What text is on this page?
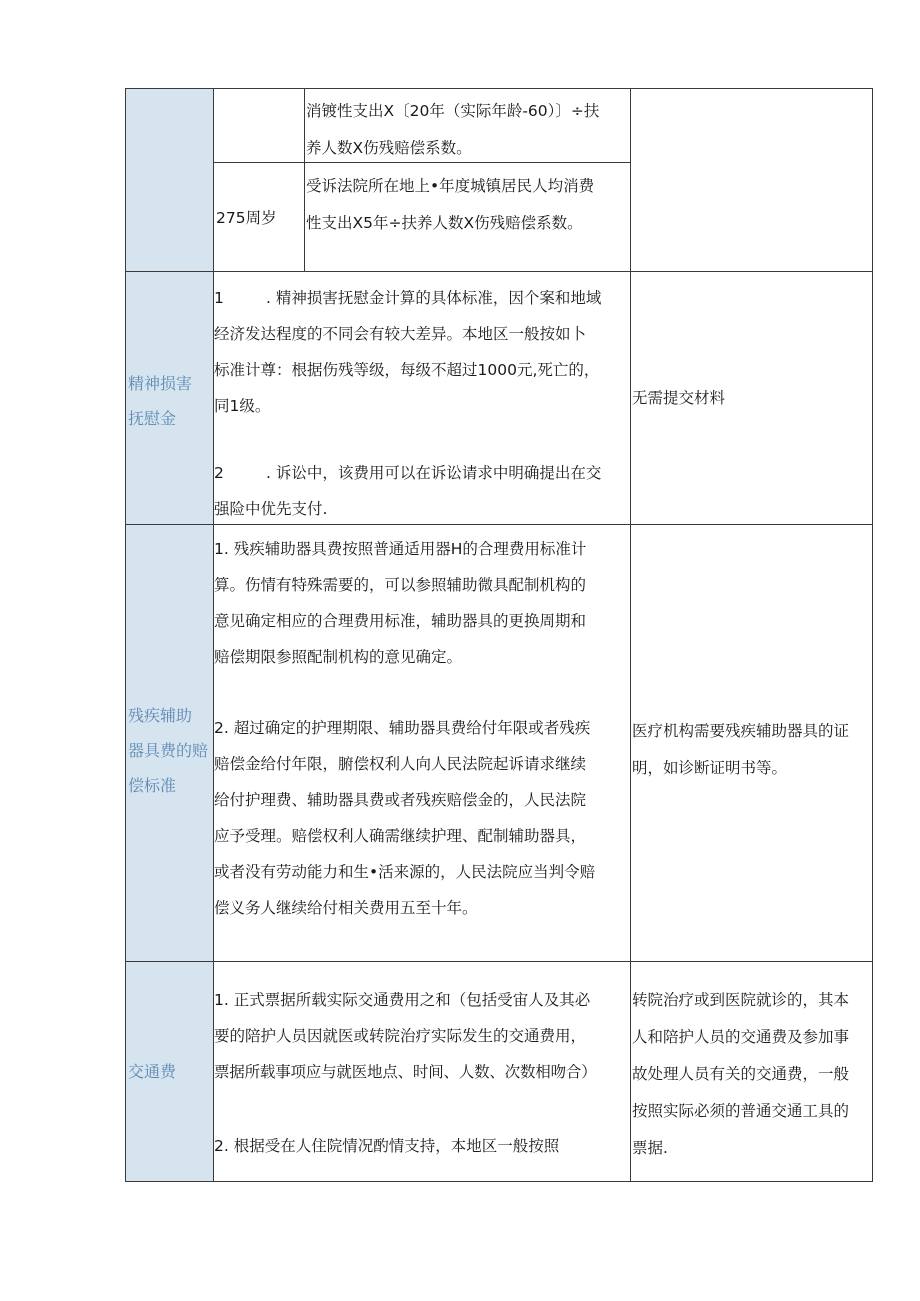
消镀性支出X〔20年（实际年龄-60）〕÷扶
养人数X伤残赔偿系数。
275周岁
受诉法院所在地上•年度城镇居民人均消费
性支出X5年÷扶养人数X伤残赔偿系数。
精神损害
抚慰金
1	. 精神损害抚慰金计算的具体标准，因个案和地域
经济发达程度的不同会有较大差异。本地区一般按如卜
标准计尊：根据伤残等级，每级不超过1000元,死亡的，
同1级。
2	. 诉讼中，该费用可以在诉讼请求中明确提出在交
强险中优先支付.
无需提交材料
残疾辅助
器具费的赔
偿标准
1. 残疾辅助器具费按照普通适用器H的合理费用标准计
算。伤情有特殊需要的，可以参照辅助微具配制机构的
意见确定相应的合理费用标准，辅助器具的更换周期和
赔偿期限参照配制机构的意见确定。
2. 超过确定的护理期限、辅助器具费给付年限或者残疾
赔偿金给付年限，腑偿权利人向人民法院起诉请求继续
给付护理费、辅助器具费或者残疾赔偿金的，人民法院
应予受理。赔偿权利人确需继续护理、配制辅助器具，
或者没有劳动能力和生•活来源的，人民法院应当判令赔
偿义务人继续给付相关费用五至十年。
医疗机构需要残疾辅助器具的证
明，如诊断证明书等。
交通费
1. 正式票据所载实际交通费用之和（包括受宙人及其必
要的陪护人员因就医或转院治疗实际发生的交通费用，
票据所载事项应与就医地点、时间、人数、次数相吻合）
2. 根据受在人住院情况酌情支持，本地区一般按照
转院治疗或到医院就诊的，其本
人和陪护人员的交通费及参加事
故处理人员有关的交通费，一般
按照实际必须的普通交通工具的
票据.
